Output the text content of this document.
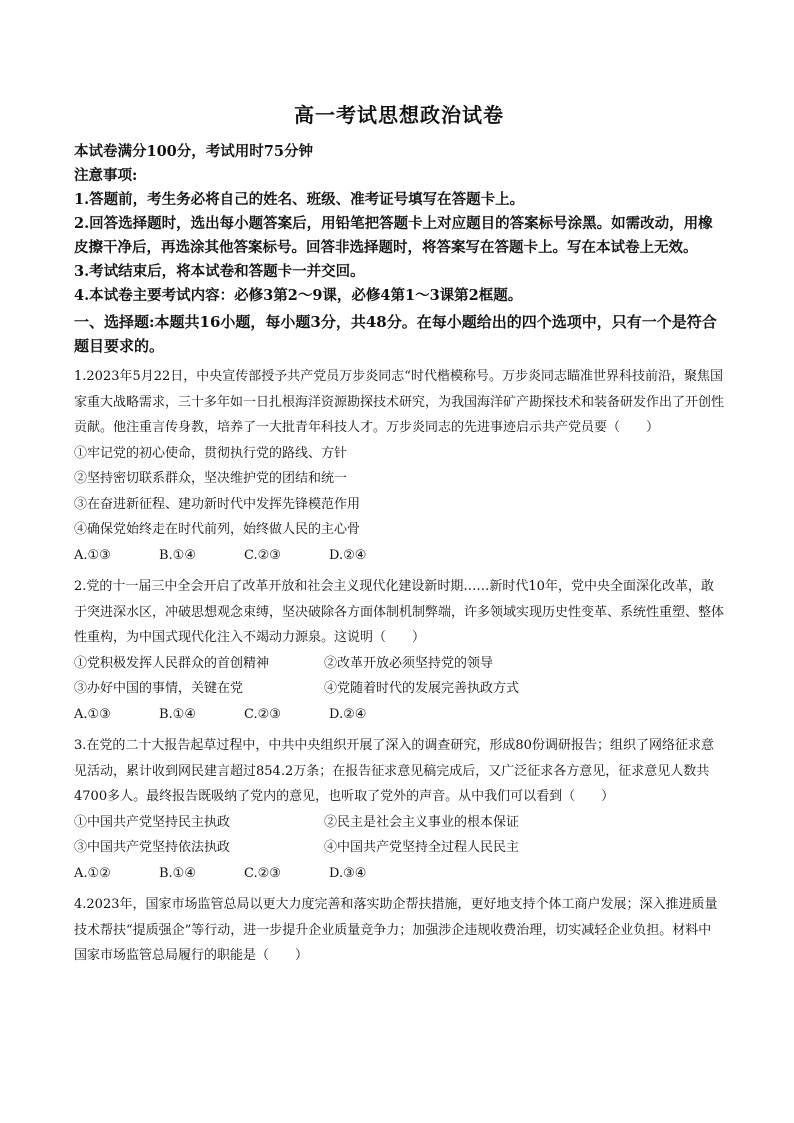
高一考试思想政治试卷
本试卷满分100分，考试用时75分钟
注意事项:
1.答题前，考生务必将自己的姓名、班级、准考证号填写在答题卡上。
2.回答选择题时，选出每小题答案后，用铅笔把答题卡上对应题目的答案标号涂黑。如需改动，用橡皮擦干净后，再选涂其他答案标号。回答非选择题时，将答案写在答题卡上。写在本试卷上无效。
3.考试结束后，将本试卷和答题卡一并交回。
4.本试卷主要考试内容：必修3第2～9课，必修4第1～3课第2框题。
一、选择题:本题共16小题，每小题3分，共48分。在每小题给出的四个选项中，只有一个是符合题目要求的。
1.2023年5月22日，中央宣传部授予共产党员万步炎同志“时代楷模称号。万步炎同志瞄准世界科技前沿，聚焦国家重大战略需求，三十多年如一日扎根海洋资源勘探技术研究，为我国海洋矿产勘探技术和装备研发作出了开创性贡献。他注重言传身教，培养了一大批青年科技人才。万步炎同志的先进事迹启示共产党员要（　　）
①牢记党的初心使命，贯彻执行党的路线、方针
②坚持密切联系群众，坚决维护党的团结和统一
③在奋进新征程、建功新时代中发挥先锋模范作用
④确保党始终走在时代前列，始终做人民的主心骨
A.①③	B.①④	C.②③	D.②④
2.党的十一届三中全会开启了改革开放和社会主义现代化建设新时期……新时代10年，党中央全面深化改革，敢于突进深水区，冲破思想观念束缚，坚决破除各方面体制机制弊端，许多领域实现历史性变革、系统性重塑、整体性重构，为中国式现代化注入不竭动力源泉。这说明（　　）
①党积极发挥人民群众的首创精神	②改革开放必须坚持党的领导
③办好中国的事情，关键在党	④党随着时代的发展完善执政方式
A.①③	B.①④	C.②③	D.②④
3.在党的二十大报告起草过程中，中共中央组织开展了深入的调查研究，形成80份调研报告；组织了网络征求意见活动，累计收到网民建言超过854.2万条；在报告征求意见稿完成后，又广泛征求各方意见，征求意见人数共4700多人。最终报告既吸纳了党内的意见，也听取了党外的声音。从中我们可以看到（　　）
①中国共产党坚持民主执政	②民主是社会主义事业的根本保证
③中国共产党坚持依法执政	④中国共产党坚持全过程人民民主
A.①②	B.①④	C.②③	D.③④
4.2023年，国家市场监管总局以更大力度完善和落实助企帮扶措施，更好地支持个体工商户发展；深入推进质量技术帮扶“提质强企”等行动，进一步提升企业质量竞争力；加强涉企违规收费治理，切实减轻企业负担。材料中国家市场监管总局履行的职能是（　　）
